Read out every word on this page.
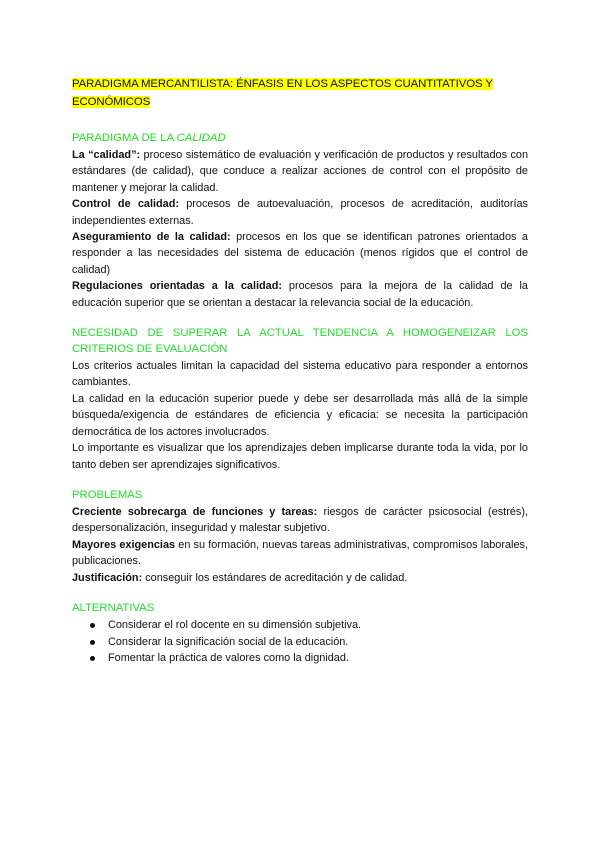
PARADIGMA MERCANTILISTA: ÉNFASIS EN LOS ASPECTOS CUANTITATIVOS Y ECONÓMICOS
PARADIGMA DE LA CALIDAD

La “calidad”: proceso sistemático de evaluación y verificación de productos y resultados con estándares (de calidad), que conduce a realizar acciones de control con el propósito de mantener y mejorar la calidad.

Control de calidad: procesos de autoevaluación, procesos de acreditación, auditorías independientes externas.

Aseguramiento de la calidad: procesos en los que se identifican patrones orientados a responder a las necesidades del sistema de educación (menos rígidos que el control de calidad)

Regulaciones orientadas a la calidad: procesos para la mejora de la calidad de la educación superior que se orientan a destacar la relevancia social de la educación.

NECESIDAD DE SUPERAR LA ACTUAL TENDENCIA A HOMOGENEIZAR LOS CRITERIOS DE EVALUACIÓN

Los criterios actuales limitan la capacidad del sistema educativo para responder a entornos cambiantes.

La calidad en la educación superior puede y debe ser desarrollada más allá de la simple búsqueda/exigencia de estándares de eficiencia y eficacia: se necesita la participación democrática de los actores involucrados.

Lo importante es visualizar que los aprendizajes deben implicarse durante toda la vida, por lo tanto deben ser aprendizajes significativos.

PROBLEMAS

Creciente sobrecarga de funciones y tareas: riesgos de carácter psicosocial (estrés), despersonalización, inseguridad y malestar subjetivo.

Mayores exigencias en su formación, nuevas tareas administrativas, compromisos laborales, publicaciones.

Justificación: conseguir los estándares de acreditación y de calidad.

ALTERNATIVAS
Considerar el rol docente en su dimensión subjetiva.
Considerar la significación social de la educación.
Fomentar la práctica de valores como la dignidad.
